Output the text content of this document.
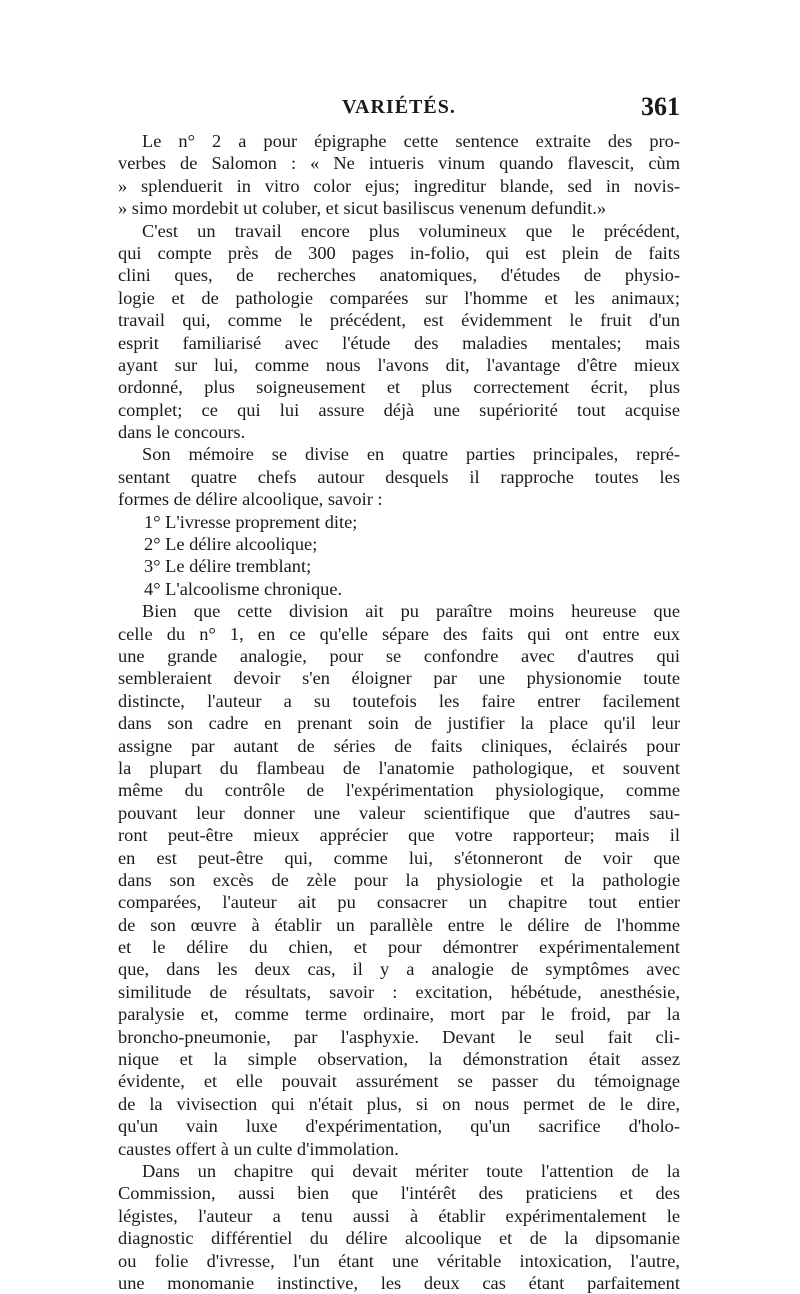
VARIÉTÉS.	361
Le n° 2 a pour épigraphe cette sentence extraite des pro-
verbes de Salomon : « Ne intueris vinum quando flavescit, cùm
» splenduerit in vitro color ejus; ingreditur blande, sed in novis-
» simo mordebit ut coluber, et sicut basiliscus venenum defundit.»
C'est un travail encore plus volumineux que le précédent,
qui compte près de 300 pages in-folio, qui est plein de faits
clini ques, de recherches anatomiques, d'études de physio-
logie et de pathologie comparées sur l'homme et les animaux;
travail qui, comme le précédent, est évidemment le fruit d'un
esprit familiarisé avec l'étude des maladies mentales; mais
ayant sur lui, comme nous l'avons dit, l'avantage d'être mieux
ordonné, plus soigneusement et plus correctement écrit, plus
complet; ce qui lui assure déjà une supériorité tout acquise
dans le concours.
Son mémoire se divise en quatre parties principales, repré-
sentant quatre chefs autour desquels il rapproche toutes les
formes de délire alcoolique, savoir :
1° L'ivresse proprement dite;
2° Le délire alcoolique;
3° Le délire tremblant;
4° L'alcoolisme chronique.
Bien que cette division ait pu paraître moins heureuse que
celle du n° 1, en ce qu'elle sépare des faits qui ont entre eux
une grande analogie, pour se confondre avec d'autres qui
sembleraient devoir s'en éloigner par une physionomie toute
distincte, l'auteur a su toutefois les faire entrer facilement
dans son cadre en prenant soin de justifier la place qu'il leur
assigne par autant de séries de faits cliniques, éclairés pour
la plupart du flambeau de l'anatomie pathologique, et souvent
même du contrôle de l'expérimentation physiologique, comme
pouvant leur donner une valeur scientifique que d'autres sau-
ront peut-être mieux apprécier que votre rapporteur; mais il
en est peut-être qui, comme lui, s'étonneront de voir que
dans son excès de zèle pour la physiologie et la pathologie
comparées, l'auteur ait pu consacrer un chapitre tout entier
de son œuvre à établir un parallèle entre le délire de l'homme
et le délire du chien, et pour démontrer expérimentalement
que, dans les deux cas, il y a analogie de symptômes avec
similitude de résultats, savoir : excitation, hébétude, anesthésie,
paralysie et, comme terme ordinaire, mort par le froid, par la
broncho-pneumonie, par l'asphyxie. Devant le seul fait cli-
nique et la simple observation, la démonstration était assez
évidente, et elle pouvait assurément se passer du témoignage
de la vivisection qui n'était plus, si on nous permet de le dire,
qu'un vain luxe d'expérimentation, qu'un sacrifice d'holo-
caustes offert à un culte d'immolation.
Dans un chapitre qui devait mériter toute l'attention de la
Commission, aussi bien que l'intérêt des praticiens et des
légistes, l'auteur a tenu aussi à établir expérimentalement le
diagnostic différentiel du délire alcoolique et de la dipsomanie
ou folie d'ivresse, l'un étant une véritable intoxication, l'autre,
une monomanie instinctive, les deux cas étant parfaitement
